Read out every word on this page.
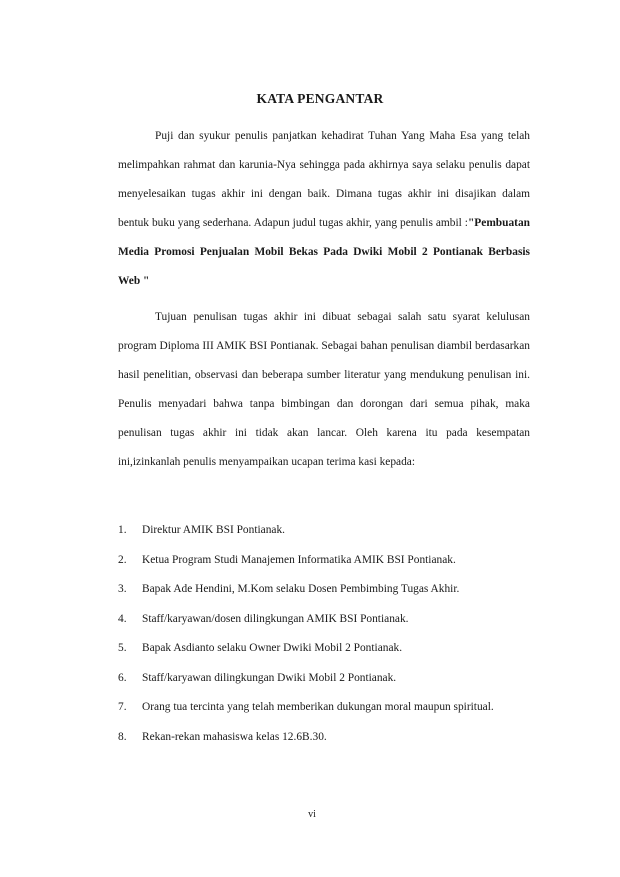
KATA PENGANTAR

Puji dan syukur penulis panjatkan kehadirat Tuhan Yang Maha Esa yang telah melimpahkan rahmat dan karunia-Nya sehingga pada akhirnya saya selaku penulis dapat menyelesaikan tugas akhir ini dengan baik. Dimana tugas akhir ini disajikan dalam bentuk buku yang sederhana. Adapun judul tugas akhir, yang penulis ambil :"Pembuatan Media Promosi Penjualan Mobil Bekas Pada Dwiki Mobil 2 Pontianak Berbasis Web "

Tujuan penulisan tugas akhir ini dibuat sebagai salah satu syarat kelulusan program Diploma III AMIK BSI Pontianak. Sebagai bahan penulisan diambil berdasarkan hasil penelitian, observasi dan beberapa sumber literatur yang mendukung penulisan ini. Penulis menyadari bahwa tanpa bimbingan dan dorongan dari semua pihak, maka penulisan tugas akhir ini tidak akan lancar. Oleh karena itu pada kesempatan ini,izinkanlah penulis menyampaikan ucapan terima kasi kepada:

1. Direktur AMIK BSI Pontianak.
2. Ketua Program Studi Manajemen Informatika AMIK BSI Pontianak.
3. Bapak Ade Hendini, M.Kom selaku Dosen Pembimbing Tugas Akhir.
4. Staff/karyawan/dosen dilingkungan AMIK BSI Pontianak.
5. Bapak Asdianto selaku Owner Dwiki Mobil 2 Pontianak.
6. Staff/karyawan dilingkungan Dwiki Mobil 2 Pontianak.
7. Orang tua tercinta yang telah memberikan dukungan moral maupun spiritual.
8. Rekan-rekan mahasiswa kelas 12.6B.30.
vi
